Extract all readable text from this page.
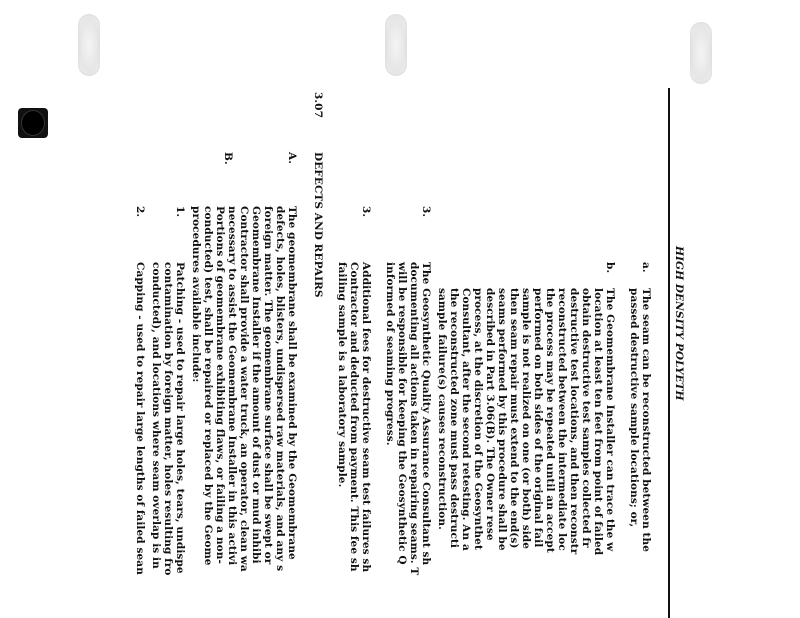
HIGH DENSITY POLYETH
a.
The seam can be reconstructed between the
passed destructive sample locations; or,
b.
The Geomembrane Installer can trace the w
location at least ten feet from point of failed
obtain destructive test samples collected fr
destructive test locations, and then reconstr
reconstructed between the intermediate loc
the process may be repeated until an accept
performed on both sides of the original fail
sample is not realized on one (or both) side
then seam repair must extend to the end(s)
seams performed by this procedure shall be
described in Part 3.06(B). The Owner rese
process, at the discretion of the Geosynthet
Consultant, after the second retesting. An a
the reconstructed zone must pass destructi
sample failure(s) causes reconstruction.
3.
The Geosynthetic Quality Assurance Consultant sh
documenting all actions taken in repairing seams. T
will be responsible for keeping the Geosynthetic Q
informed of seaming progress.
3.
Additional fees for destructive seam test failures sh
Contractor and deducted from payment. This fee sh
failing sample is a laboratory sample.
3.07
DEFECTS AND REPAIRS
A.
The geomembrane shall be examined by the Geomembrane
defects, holes, blisters, undispersed raw materials, and any s
foreign matter. The geomembrane surface shall be swept or
Geomembrane Installer if the amount of dust or mud inhibi
Contractor shall provide a water truck, an operator, clean wa
necessary to assist the Geomembrane Installer in this activi
B.
Portions of geomembrane exhibiting flaws, or failing a non-
conducted) test, shall be repaired or replaced by the Geome
procedures available include:
1.
Patching - used to repair large holes, tears, undispe
contamination by foreign matter, holes resulting fro
conducted), and locations where seam overlap is in
2.
Capping - used to repair large lengths of failed sean
